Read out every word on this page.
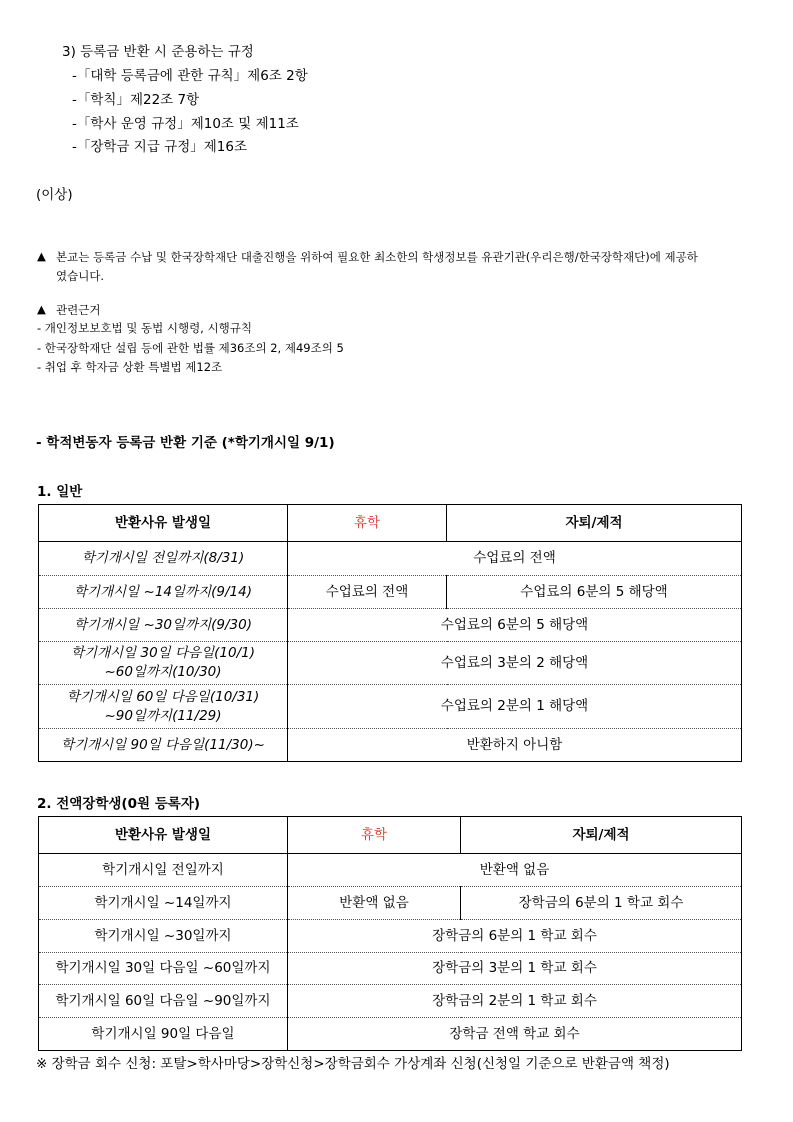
3) 등록금 반환 시 준용하는 규정
-「대학 등록금에 관한 규칙」제6조 2항
-「학칙」제22조 7항
-「학사 운영 규정」제10조 및 제11조
-「장학금 지급 규정」제16조
(이상)
▲ 본교는 등록금 수납 및 한국장학재단 대출진행을 위하여 필요한 최소한의 학생정보를 유관기관(우리은행/한국장학재단)에 제공하
였습니다.
▲ 관련근거
- 개인정보보호법 및 동법 시행령, 시행규칙
- 한국장학재단 설립 등에 관한 법률 제36조의 2, 제49조의 5
- 취업 후 학자금 상환 특별법 제12조
- 학적변동자 등록금 반환 기준 (*학기개시일 9/1)
1. 일반
반환사유 발생일	휴학	자퇴/제적
학기개시일 전일까지(8/31)	수업료의 전액	
학기개시일 ~14일까지(9/14)	수업료의 전액	수업료의 6분의 5 해당액
학기개시일 ~30일까지(9/30)	수업료의 6분의 5 해당액	

학기개시일 30일 다음일(10/1)
~60일까지(10/30)	수업료의 3분의 2 해당액	

학기개시일 60일 다음일(10/31)
~90일까지(11/29)	수업료의 2분의 1 해당액	
학기개시일 90일 다음일(11/30)~	반환하지 아니함	
2. 전액장학생(0원 등록자)
반환사유 발생일	휴학	자퇴/제적
학기개시일 전일까지	반환액 없음	
학기개시일 ~14일까지	반환액 없음	장학금의 6분의 1 학교 회수
학기개시일 ~30일까지	장학금의 6분의 1 학교 회수	
학기개시일 30일 다음일 ~60일까지	장학금의 3분의 1 학교 회수	
학기개시일 60일 다음일 ~90일까지	장학금의 2분의 1 학교 회수	
학기개시일 90일 다음일	장학금 전액 학교 회수	
※ 장학금 회수 신청: 포탈>학사마당>장학신청>장학금회수 가상계좌 신청(신청일 기준으로 반환금액 책정)
